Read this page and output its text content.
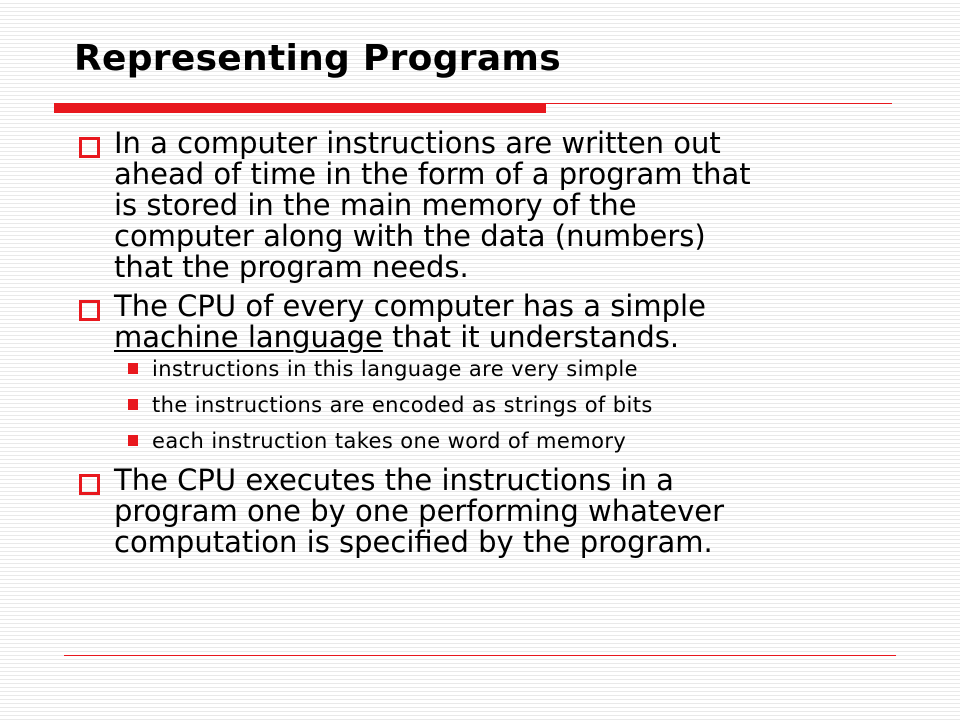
Representing Programs
In a computer instructions are written out
ahead of time in the form of a program that
is stored in the main memory of the
computer along with the data (numbers)
that the program needs.
The CPU of every computer has a simple
machine language that it understands.
instructions in this language are very simple
the instructions are encoded as strings of bits
each instruction takes one word of memory
The CPU executes the instructions in a
program one by one performing whatever
computation is specified by the program.
